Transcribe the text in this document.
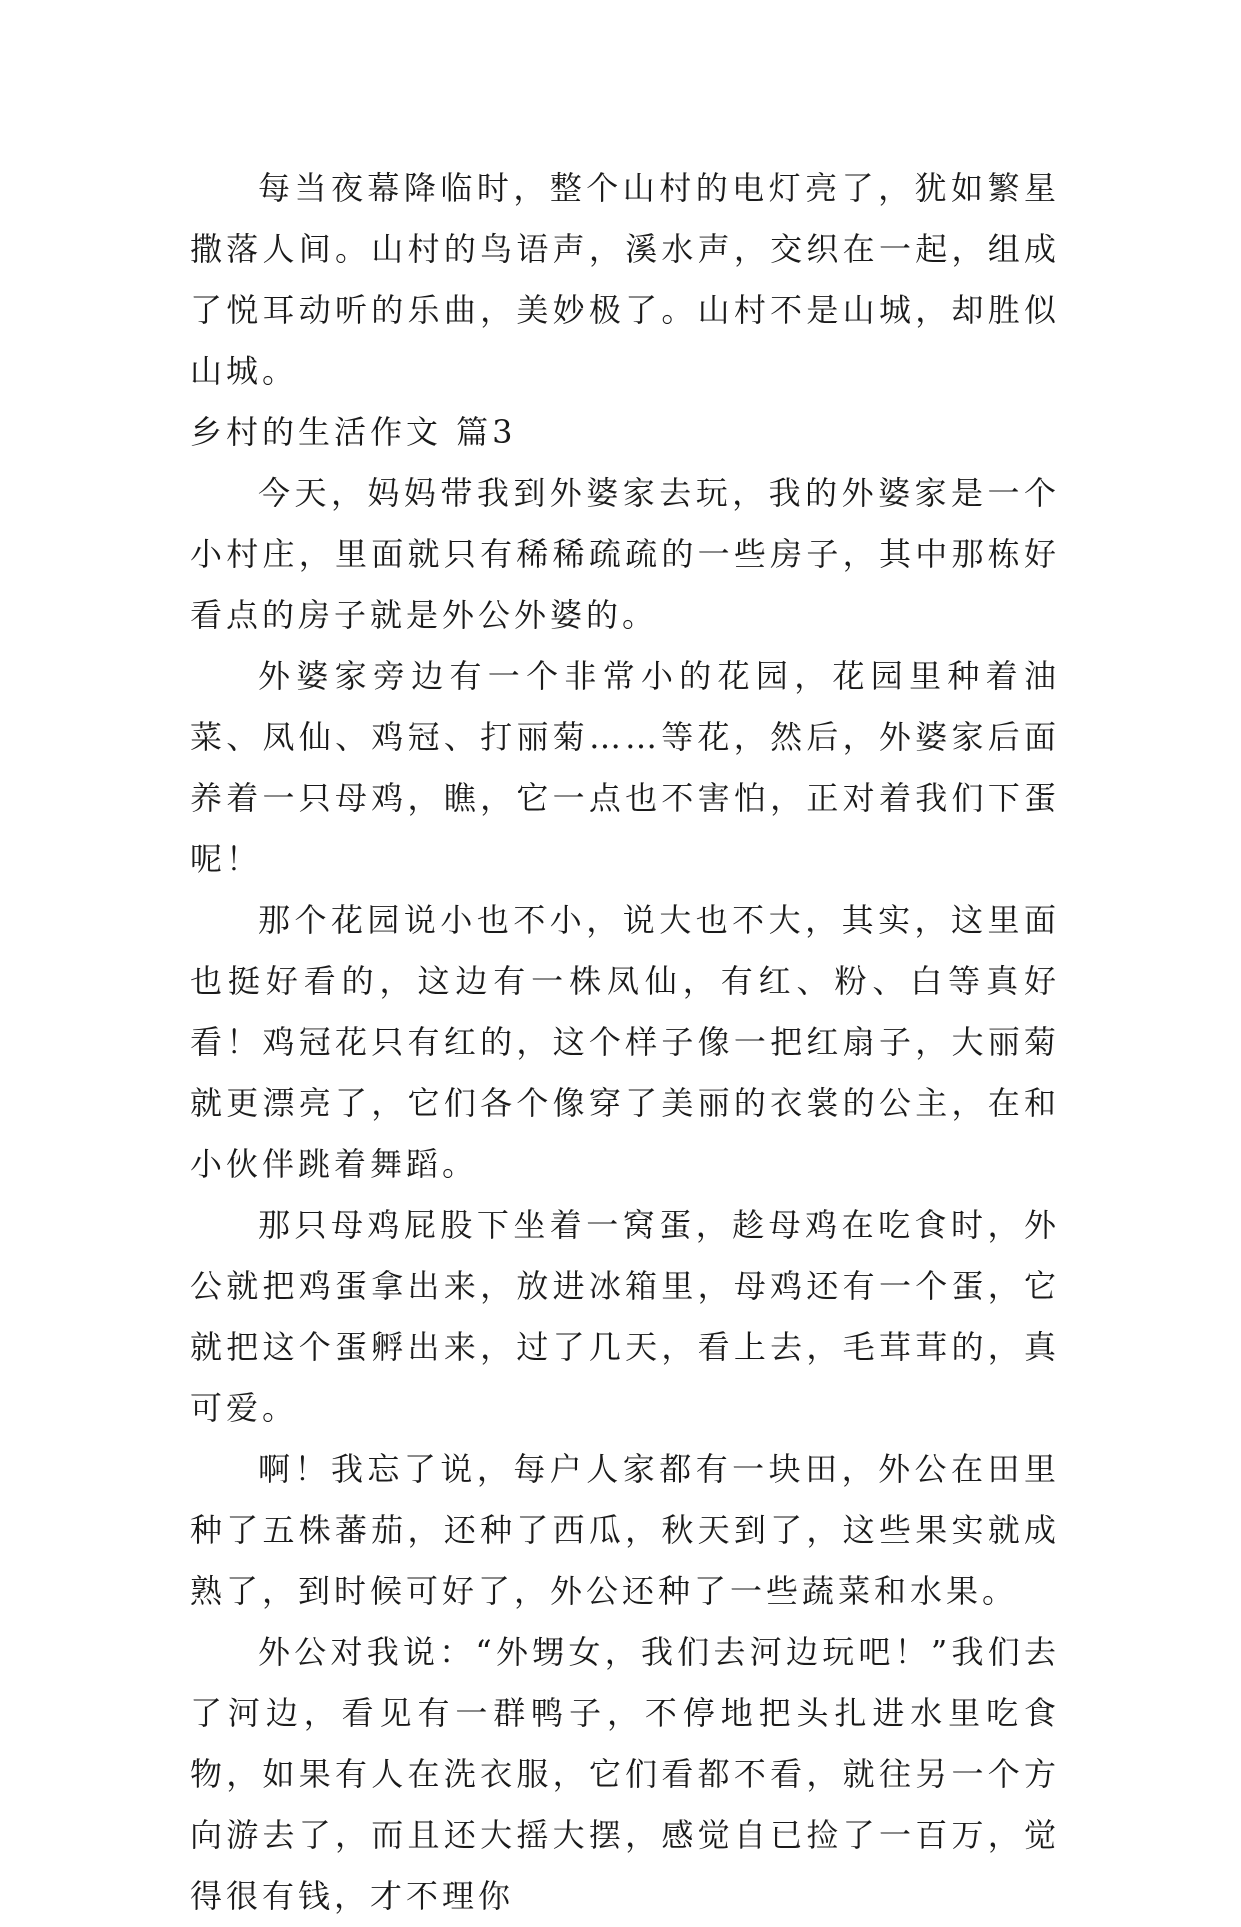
每当夜幕降临时，整个山村的电灯亮了，犹如繁星撒落人间。山村的鸟语声，溪水声，交织在一起，组成了悦耳动听的乐曲，美妙极了。山村不是山城，却胜似山城。

乡村的生活作文 篇3

今天，妈妈带我到外婆家去玩，我的外婆家是一个小村庄，里面就只有稀稀疏疏的一些房子，其中那栋好看点的房子就是外公外婆的。

外婆家旁边有一个非常小的花园，花园里种着油菜、凤仙、鸡冠、打丽菊……等花，然后，外婆家后面养着一只母鸡，瞧，它一点也不害怕，正对着我们下蛋呢！

那个花园说小也不小，说大也不大，其实，这里面也挺好看的，这边有一株凤仙，有红、粉、白等真好看！鸡冠花只有红的，这个样子像一把红扇子，大丽菊就更漂亮了，它们各个像穿了美丽的衣裳的公主，在和小伙伴跳着舞蹈。

那只母鸡屁股下坐着一窝蛋，趁母鸡在吃食时，外公就把鸡蛋拿出来，放进冰箱里，母鸡还有一个蛋，它就把这个蛋孵出来，过了几天，看上去，毛茸茸的，真可爱。

啊！我忘了说，每户人家都有一块田，外公在田里种了五株蕃茄，还种了西瓜，秋天到了，这些果实就成熟了，到时候可好了，外公还种了一些蔬菜和水果。

外公对我说：“外甥女，我们去河边玩吧！”我们去了河边，看见有一群鸭子，不停地把头扎进水里吃食物，如果有人在洗衣服，它们看都不看，就往另一个方向游去了，而且还大摇大摆，感觉自已捡了一百万，觉得很有钱，才不理你
